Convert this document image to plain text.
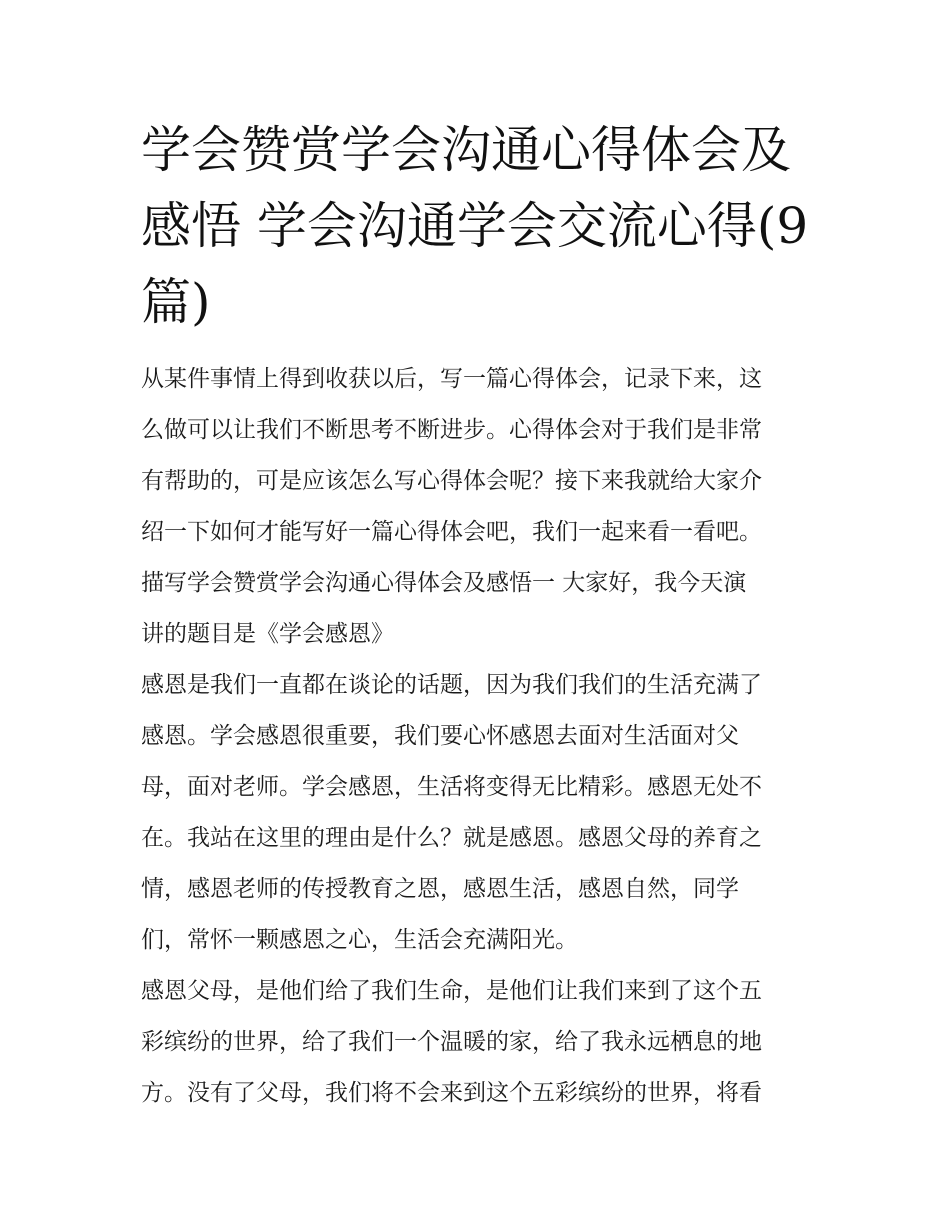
学会赞赏学会沟通心得体会及
感悟 学会沟通学会交流心得(9
篇)

从某件事情上得到收获以后，写一篇心得体会，记录下来，这
么做可以让我们不断思考不断进步。心得体会对于我们是非常
有帮助的，可是应该怎么写心得体会呢？接下来我就给大家介
绍一下如何才能写好一篇心得体会吧，我们一起来看一看吧。

描写学会赞赏学会沟通心得体会及感悟一 大家好，我今天演
讲的题目是《学会感恩》

感恩是我们一直都在谈论的话题，因为我们我们的生活充满了
感恩。学会感恩很重要，我们要心怀感恩去面对生活面对父
母，面对老师。学会感恩，生活将变得无比精彩。感恩无处不
在。我站在这里的理由是什么？就是感恩。感恩父母的养育之
情，感恩老师的传授教育之恩，感恩生活，感恩自然，同学
们，常怀一颗感恩之心，生活会充满阳光。

感恩父母，是他们给了我们生命，是他们让我们来到了这个五
彩缤纷的世界，给了我们一个温暖的家，给了我永远栖息的地
方。没有了父母，我们将不会来到这个五彩缤纷的世界，将看
